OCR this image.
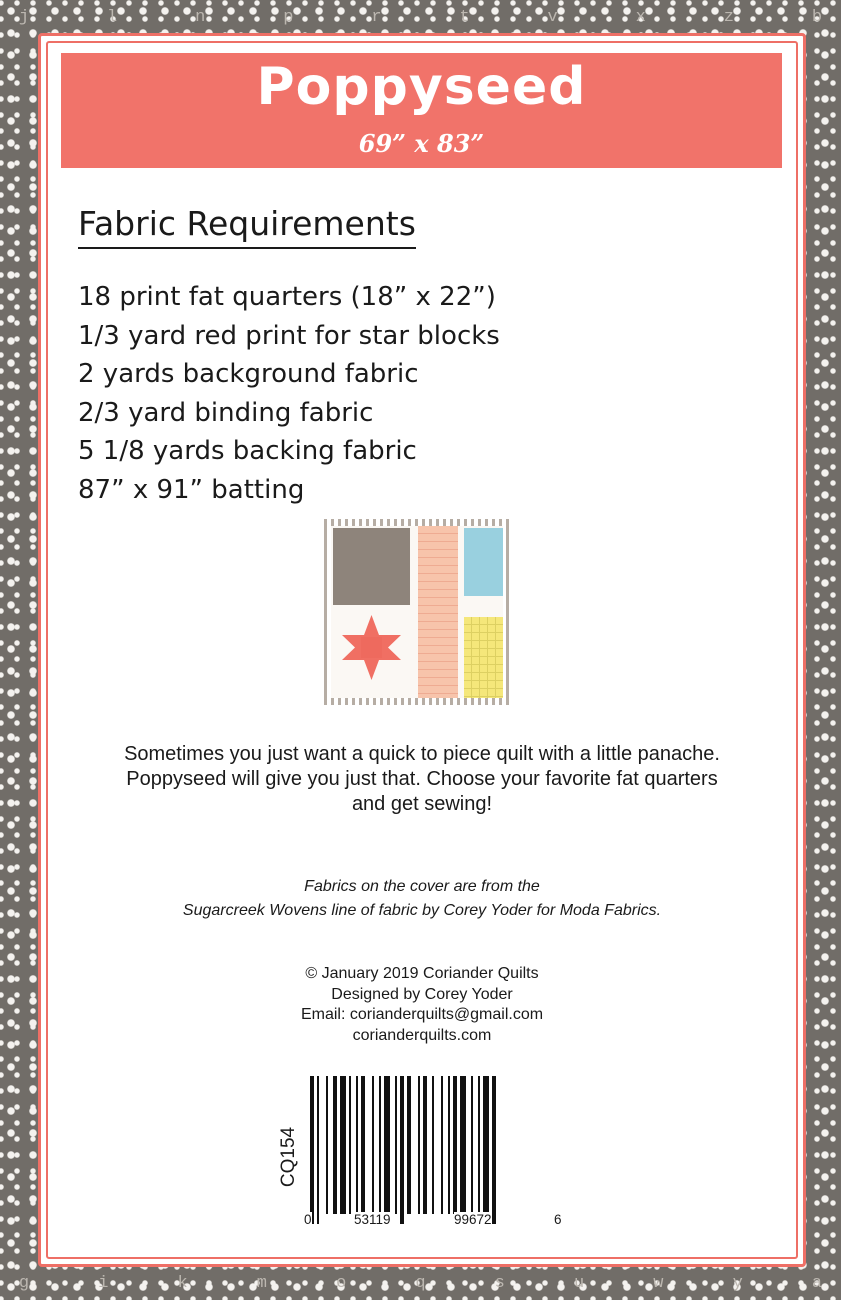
j	l	n	p	r	t	v	x	z	b
g	i	k	m	o	q	s	u	w	y	a
Poppyseed
69” x 83”
Fabric Requirements
18 print fat quarters (18” x 22”)
1/3 yard red print for star blocks
2 yards background fabric
2/3 yard binding fabric
5 1/8 yards backing fabric
87” x 91” batting

Sometimes you just want a quick to piece quilt with a little panache.

Poppyseed will give you just that. Choose your favorite fat quarters

and get sewing!

Fabrics on the cover are from the

Sugarcreek Wovens line of fabric by Corey Yoder for Moda Fabrics.

© January 2019 Coriander Quilts

Designed by Corey Yoder

Email: corianderquilts@gmail.com

corianderquilts.com

CQ154
0	53119	99672	6
